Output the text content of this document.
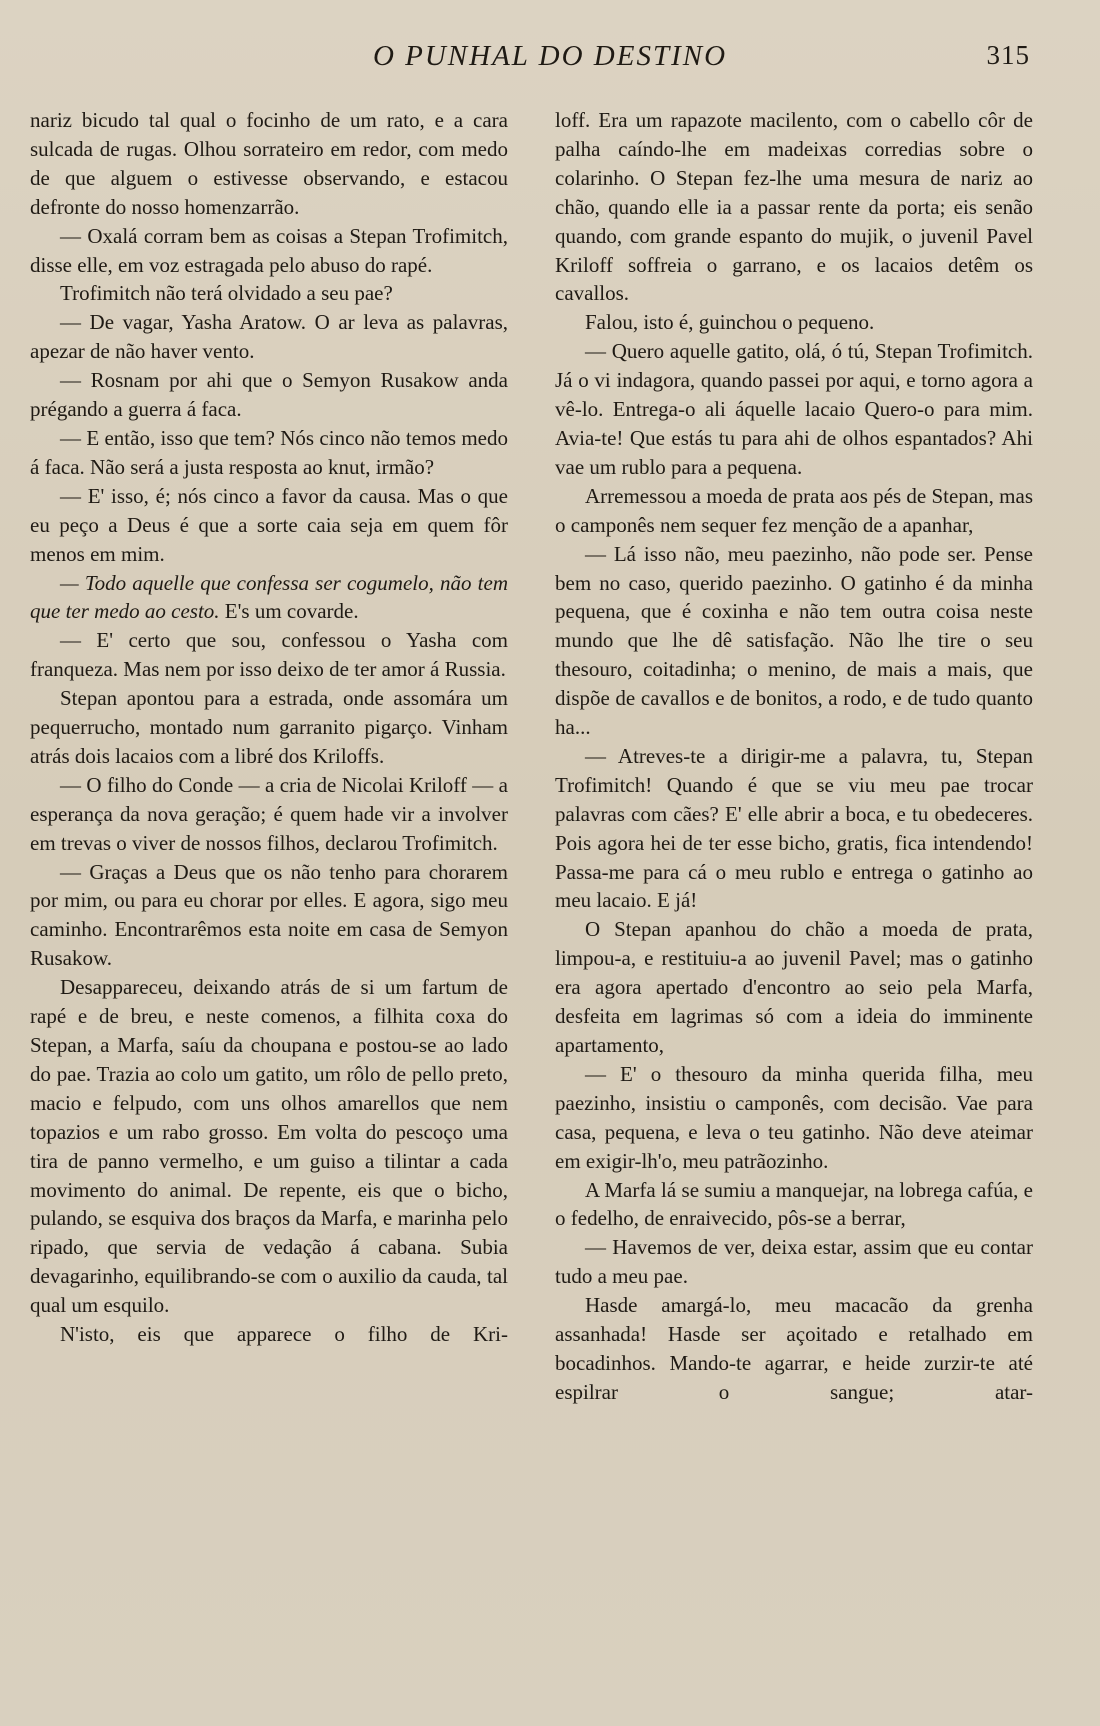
O PUNHAL DO DESTINO	315

nariz bicudo tal qual o focinho de um rato, e a cara sulcada de rugas. Olhou sorrateiro em redor, com medo de que alguem o estivesse observando, e estacou defronte do nosso homenzarrão.

— Oxalá corram bem as coisas a Stepan Trofimitch, disse elle, em voz estragada pelo abuso do rapé.

Trofimitch não terá olvidado a seu pae?

— De vagar, Yasha Aratow. O ar leva as palavras, apezar de não haver vento.

— Rosnam por ahi que o Semyon Rusakow anda prégando a guerra á faca.

— E então, isso que tem? Nós cinco não temos medo á faca. Não será a justa resposta ao knut, irmão?

— E' isso, é; nós cinco a favor da causa. Mas o que eu peço a Deus é que a sorte caia seja em quem fôr menos em mim.

— Todo aquelle que confessa ser cogumelo, não tem que ter medo ao cesto. E's um covarde.

— E' certo que sou, confessou o Yasha com franqueza. Mas nem por isso deixo de ter amor á Russia.

Stepan apontou para a estrada, onde assomára um pequerrucho, montado num garranito pigarço. Vinham atrás dois lacaios com a libré dos Kriloffs.

— O filho do Conde — a cria de Nicolai Kriloff — a esperança da nova geração; é quem hade vir a involver em trevas o viver de nossos filhos, declarou Trofimitch.

— Graças a Deus que os não tenho para chorarem por mim, ou para eu chorar por elles. E agora, sigo meu caminho. Encontrarêmos esta noite em casa de Semyon Rusakow.

Desappareceu, deixando atrás de si um fartum de rapé e de breu, e neste comenos, a filhita coxa do Stepan, a Marfa, saíu da choupana e postou-se ao lado do pae. Trazia ao colo um gatito, um rôlo de pello preto, macio e felpudo, com uns olhos amarellos que nem topazios e um rabo grosso. Em volta do pescoço uma tira de panno vermelho, e um guiso a tilintar a cada movimento do animal. De repente, eis que o bicho, pulando, se esquiva dos braços da Marfa, e marinha pelo ripado, que servia de vedação á cabana. Subia devagarinho, equilibrando-se com o auxilio da cauda, tal qual um esquilo.

N'isto, eis que apparece o filho de Kri-

loff. Era um rapazote macilento, com o cabello côr de palha caíndo-lhe em madeixas corredias sobre o colarinho. O Stepan fez-lhe uma mesura de nariz ao chão, quando elle ia a passar rente da porta; eis senão quando, com grande espanto do mujik, o juvenil Pavel Kriloff soffreia o garrano, e os lacaios detêm os cavallos.

Falou, isto é, guinchou o pequeno.

— Quero aquelle gatito, olá, ó tú, Stepan Trofimitch. Já o vi indagora, quando passei por aqui, e torno agora a vê-lo. Entrega-o ali áquelle lacaio Quero-o para mim. Avia-te! Que estás tu para ahi de olhos espantados? Ahi vae um rublo para a pequena.

Arremessou a moeda de prata aos pés de Stepan, mas o camponês nem sequer fez menção de a apanhar,

— Lá isso não, meu paezinho, não pode ser. Pense bem no caso, querido paezinho. O gatinho é da minha pequena, que é coxinha e não tem outra coisa neste mundo que lhe dê satisfação. Não lhe tire o seu thesouro, coitadinha; o menino, de mais a mais, que dispõe de cavallos e de bonitos, a rodo, e de tudo quanto ha...

— Atreves-te a dirigir-me a palavra, tu, Stepan Trofimitch! Quando é que se viu meu pae trocar palavras com cães? E' elle abrir a boca, e tu obedeceres. Pois agora hei de ter esse bicho, gratis, fica intendendo! Passa-me para cá o meu rublo e entrega o gatinho ao meu lacaio. E já!

O Stepan apanhou do chão a moeda de prata, limpou-a, e restituiu-a ao juvenil Pavel; mas o gatinho era agora apertado d'encontro ao seio pela Marfa, desfeita em lagrimas só com a ideia do imminente apartamento,

— E' o thesouro da minha querida filha, meu paezinho, insistiu o camponês, com decisão. Vae para casa, pequena, e leva o teu gatinho. Não deve ateimar em exigir-lh'o, meu patrãozinho.

A Marfa lá se sumiu a manquejar, na lobrega cafúa, e o fedelho, de enraivecido, pôs-se a berrar,

— Havemos de ver, deixa estar, assim que eu contar tudo a meu pae.

Hasde amargá-lo, meu macacão da grenha assanhada! Hasde ser açoitado e retalhado em bocadinhos. Mando-te agarrar, e heide zurzir-te até espilrar o sangue; atar-
